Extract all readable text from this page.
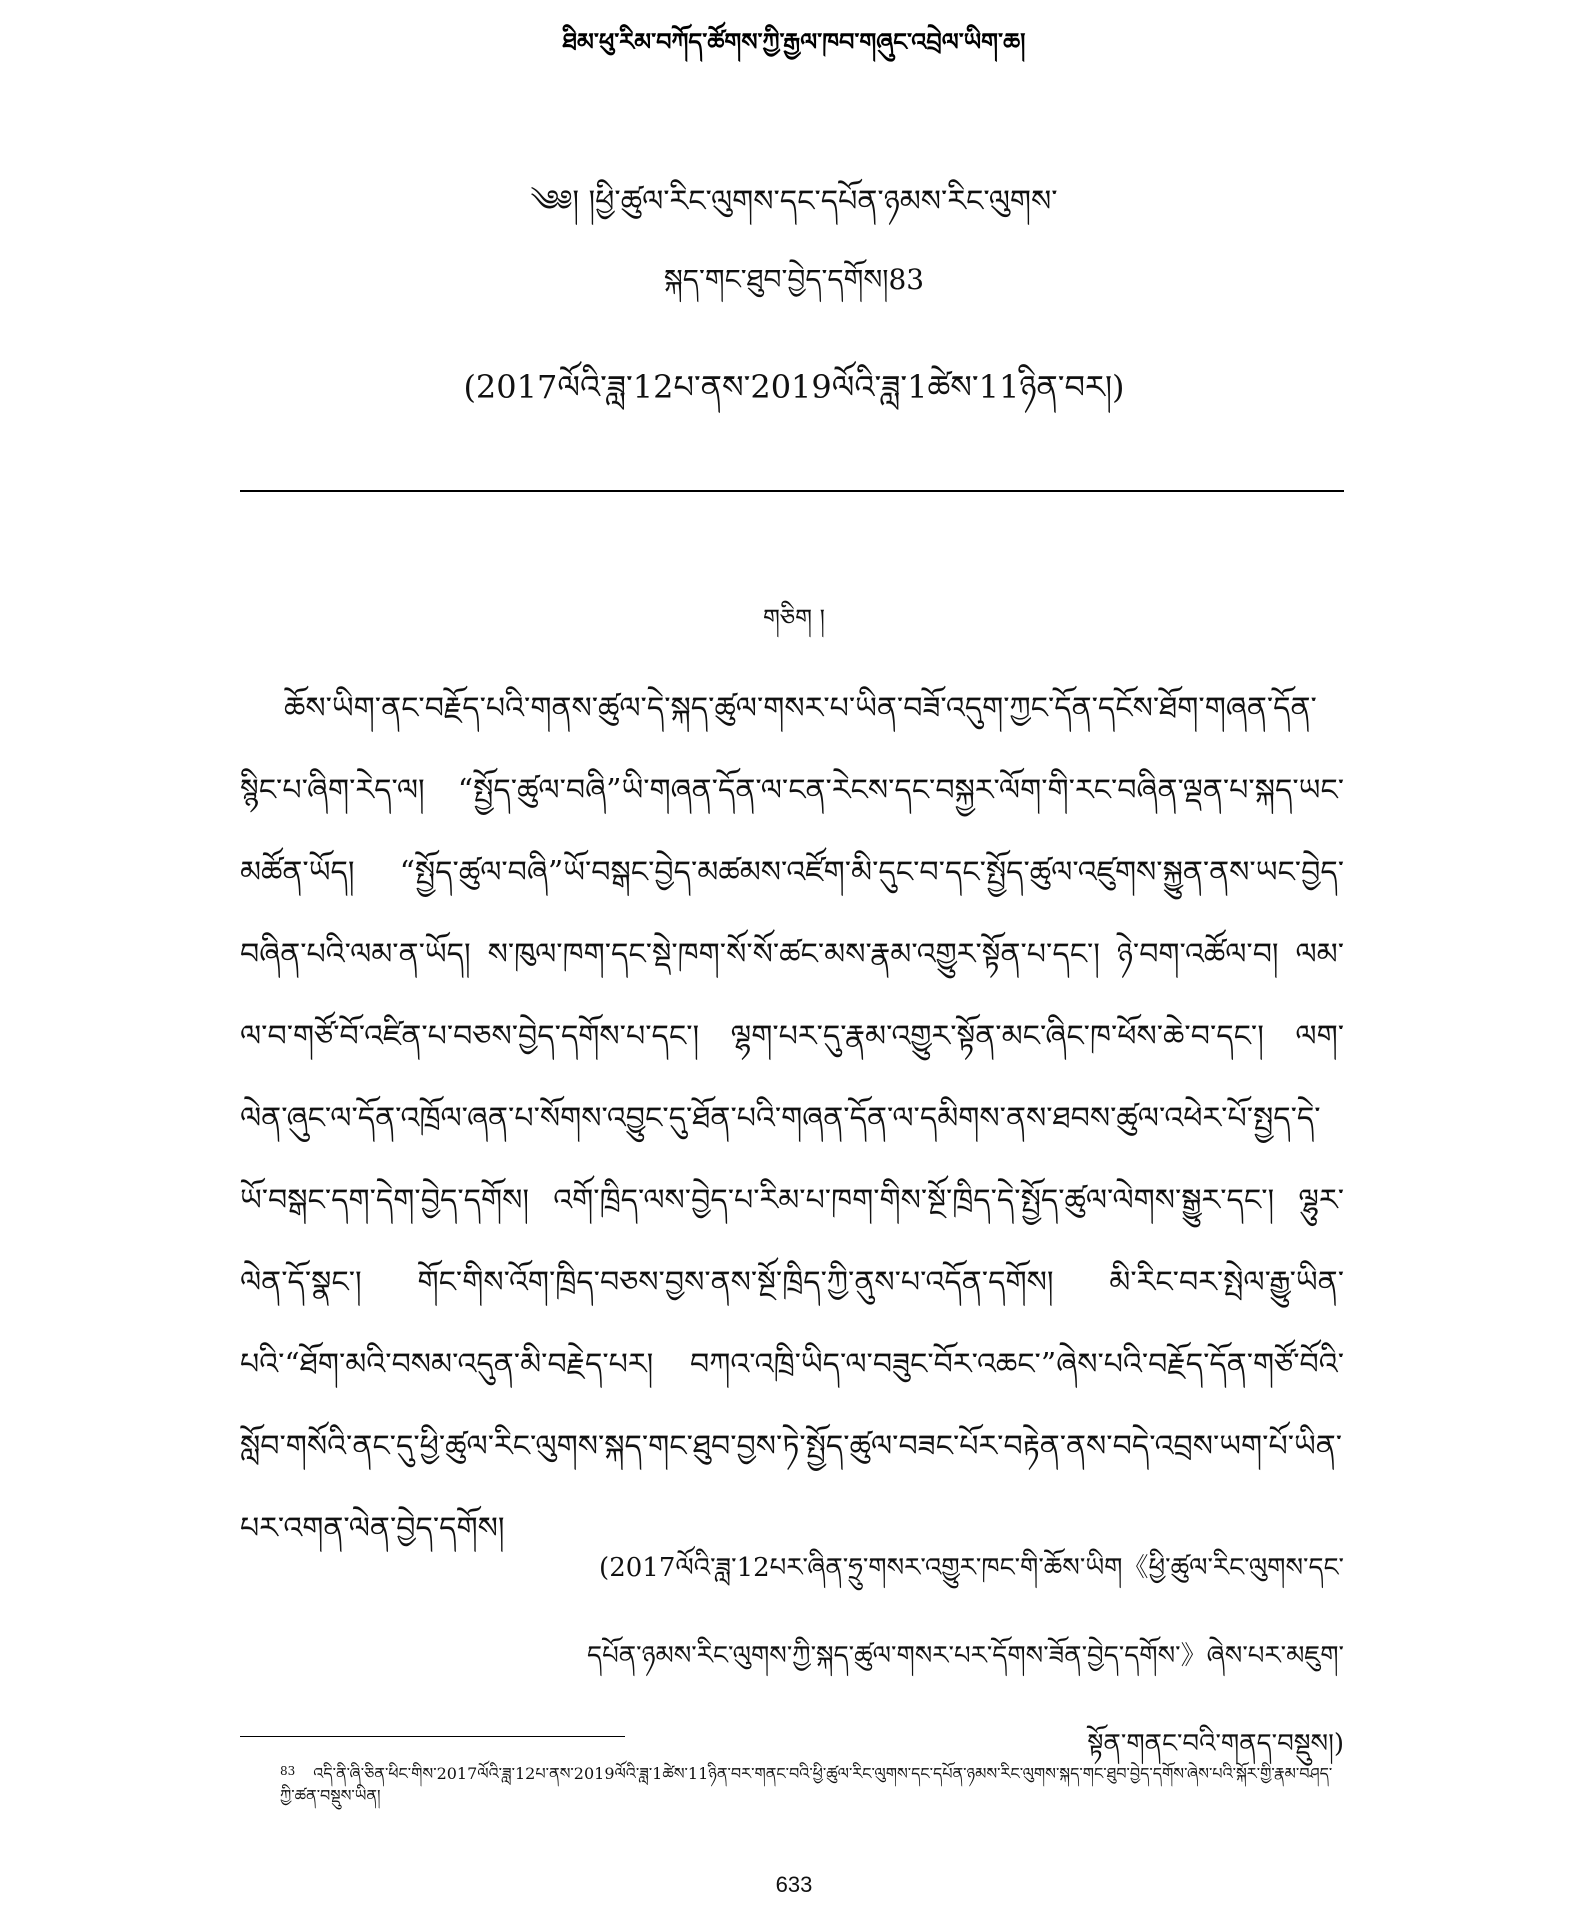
ཐིམ་ཕུ་རིམ་བཀོད་ཚོགས་ཀྱི་རྒྱལ་ཁབ་གཞུང་འབྲེལ་ཡིག་ཆ།
༄༅། །ཕྱི་ཚུལ་རིང་ལུགས་དང་དཔོན་ཉམས་རིང་ལུགས་
སྐད་གང་ཐུབ་བྱེད་དགོས།83
(2017ལོའི་ཟླ་12པ་ནས་2019ལོའི་ཟླ་1ཚེས་11ཉིན་བར།)
གཅིག །
ཆོས་ཡིག་ནང་བརྗོད་པའི་གནས་ཚུལ་དེ་སྐད་ཚུལ་གསར་པ་ཡིན་བཟོ་འདུག་ཀྱང་དོན་དངོས་ཐོག་གཞན་དོན་སྙིང་པ་ཞིག་རེད་ལ། “སྤྱོད་ཚུལ་བཞི”ཡི་གཞན་དོན་ལ་ངན་རེངས་དང་བསྐྱར་ལོག་གི་རང་བཞིན་ལྡན་པ་སྐད་ཡང་མཚོན་ཡོད། “སྤྱོད་ཚུལ་བཞི”ཡོ་བསྒང་བྱེད་མཚམས་འཛོག་མི་དུང་བ་དང་སྤྱོད་ཚུལ་འཛུགས་སྐྱུན་ནས་ཡང་བྱེད་བཞིན་པའི་ལམ་ན་ཡོད། ས་ཁུལ་ཁག་དང་སྡེ་ཁག་སོ་སོ་ཚང་མས་རྣམ་འགྱུར་སྟོན་པ་དང་། ཉེ་བག་འཚོལ་བ། ལམ་ལ་བ་གཙོ་བོ་འཛིན་པ་བཅས་བྱེད་དགོས་པ་དང་། ལྷག་པར་དུ་རྣམ་འགྱུར་སྟོན་མང་ཞིང་ཁ་ཕོས་ཆེ་བ་དང་། ལག་ལེན་ཞུང་ལ་དོན་འཁྲོལ་ཞན་པ་སོགས་འབྱུང་དུ་ཐོན་པའི་གཞན་དོན་ལ་དམིགས་ནས་ཐབས་ཚུལ་འཕེར་པོ་སྤྱད་དེ་ཡོ་བསྒང་དག་དེག་བྱེད་དགོས། འགོ་ཁྲིད་ལས་བྱེད་པ་རིམ་པ་ཁག་གིས་སྔོ་ཁྲིད་དེ་སྤྱོད་ཚུལ་ལེགས་སྒྱུར་དང་། ལྷུར་ལེན་དོ་སྣང་། གོང་གིས་འོག་ཁྲིད་བཅས་བྱས་ནས་སྔོ་ཁྲིད་ཀྱི་ནུས་པ་འདོན་དགོས། མི་རིང་བར་སྤེལ་རྒྱུ་ཡིན་པའི་“ཐོག་མའི་བསམ་འདུན་མི་བརྗེད་པར། བཀའ་འཁྲི་ཡིད་ལ་བཟུང་བོར་འཆང་”ཞེས་པའི་བརྗོད་དོན་གཙོ་བོའི་སློབ་གསོའི་ནང་དུ་ཕྱི་ཚུལ་རིང་ལུགས་སྐད་གང་ཐུབ་བྱས་ཏེ་སྤྱོད་ཚུལ་བཟང་པོར་བརྟེན་ནས་བདེ་འབྲས་ཡག་པོ་ཡིན་པར་འགན་ལེན་བྱེད་དགོས།
(2017ལོའི་ཟླ་12པར་ཞིན་ཧྲུ་གསར་འགྱུར་ཁང་གི་ཆོས་ཡིག《ཕྱི་ཚུལ་རིང་ལུགས་དང་དཔོན་ཉམས་རིང་ལུགས་ཀྱི་སྐད་ཚུལ་གསར་པར་དོགས་ཟོན་བྱེད་དགོས་》ཞེས་པར་མཇུག་སྟོན་གནང་བའི་གནད་བསྡུས།)
$^{83}$ འདི་ནི་ཞི་ཅིན་ཕིང་གིས་2017ལོའི་ཟླ་12པ་ནས་2019ལོའི་ཟླ་1ཚེས་11ཉིན་བར་གནང་བའི་ཕྱི་ཚུལ་རིང་ལུགས་དང་དཔོན་ཉམས་རིང་ལུགས་སྐད་གང་ཐུབ་བྱེད་དགོས་ཞེས་པའི་སྐོར་གྱི་རྣམ་བཤད་ཀྱི་ཚན་བསྡུས་ཡིན།
633
